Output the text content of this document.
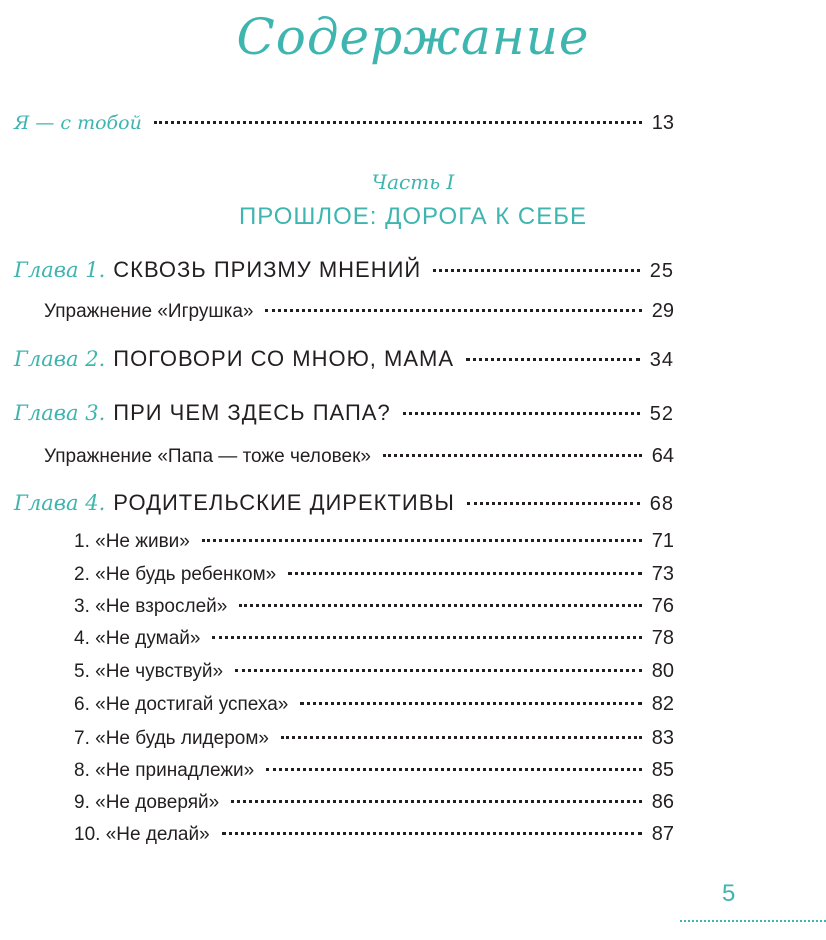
Содержание
Я — с тобой	13
Часть I
ПРОШЛОЕ: ДОРОГА К СЕБЕ
Глава 1. СКВОЗЬ ПРИЗМУ МНЕНИЙ	25
Упражнение «Игрушка»	29
Глава 2. ПОГОВОРИ СО МНОЮ, МАМА	34
Глава 3. ПРИ ЧЕМ ЗДЕСЬ ПАПА?	52
Упражнение «Папа — тоже человек»	64
Глава 4. РОДИТЕЛЬСКИЕ ДИРЕКТИВЫ	68
1. «Не живи»	71
2. «Не будь ребенком»	73
3. «Не взрослей»	76
4. «Не думай»	78
5. «Не чувствуй»	80
6. «Не достигай успеха»	82
7. «Не будь лидером»	83
8. «Не принадлежи»	85
9. «Не доверяй»	86
10. «Не делай»	87
5
